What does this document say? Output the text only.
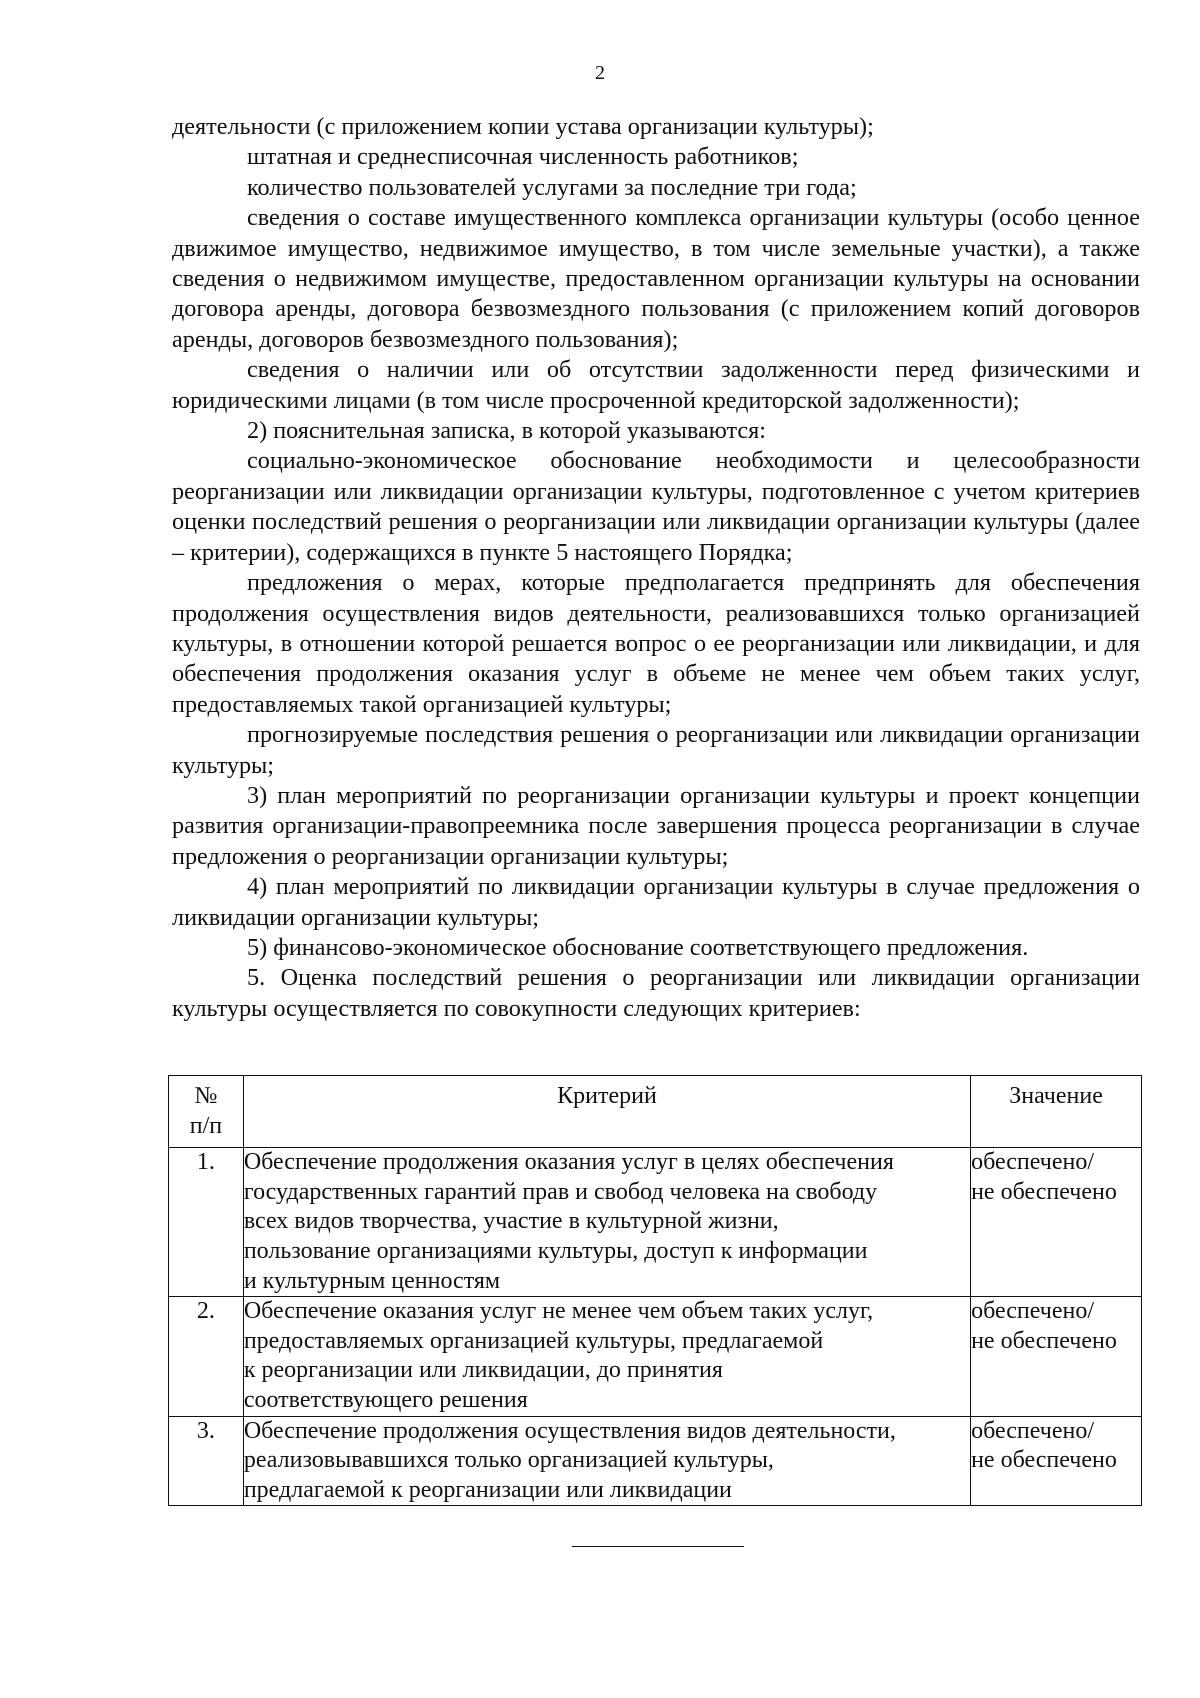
2

деятельности (с приложением копии устава организации культуры);

штатная и среднесписочная численность работников;

количество пользователей услугами за последние три года;

сведения о составе имущественного комплекса организации культуры (особо ценное движимое имущество, недвижимое имущество, в том числе земельные участки), а также сведения о недвижимом имуществе, предоставленном организации культуры на основании договора аренды, договора безвозмездного пользования (с приложением копий договоров аренды, договоров безвозмездного пользования);

сведения о наличии или об отсутствии задолженности перед физическими и юридическими лицами (в том числе просроченной кредиторской задолженности);

2) пояснительная записка, в которой указываются:

социально-экономическое обоснование необходимости и целесообразности реорганизации или ликвидации организации культуры, подготовленное с учетом критериев оценки последствий решения о реорганизации или ликвидации организации культуры (далее – критерии), содержащихся в пункте 5 настоящего Порядка;

предложения о мерах, которые предполагается предпринять для обеспечения продолжения осуществления видов деятельности, реализовавшихся только организацией культуры, в отношении которой решается вопрос о ее реорганизации или ликвидации, и для обеспечения продолжения оказания услуг в объеме не менее чем объем таких услуг, предоставляемых такой организацией культуры;

прогнозируемые последствия решения о реорганизации или ликвидации организации культуры;

3) план мероприятий по реорганизации организации культуры и проект концепции развития организации-правопреемника после завершения процесса реорганизации в случае предложения о реорганизации организации культуры;

4) план мероприятий по ликвидации организации культуры в случае предложения о ликвидации организации культуры;

5) финансово-экономическое обоснование соответствующего предложения.

5. Оценка последствий решения о реорганизации или ликвидации организации культуры осуществляется по совокупности следующих критериев:

№
п/п	Критерий	Значение
1.	Обеспечение продолжения оказания услуг в целях обеспечения
государственных гарантий прав и свобод человека на свободу
всех видов творчества, участие в культурной жизни,
пользование организациями культуры, доступ к информации
и культурным ценностям	обеспечено/
не обеспечено

2.	Обеспечение оказания услуг не менее чем объем таких услуг,
предоставляемых организацией культуры, предлагаемой
к реорганизации или ликвидации, до принятия
соответствующего решения	обеспечено/
не обеспечено

3.	Обеспечение продолжения осуществления видов деятельности,
реализовывавшихся только организацией культуры,
предлагаемой к реорганизации или ликвидации	обеспечено/
не обеспечено
